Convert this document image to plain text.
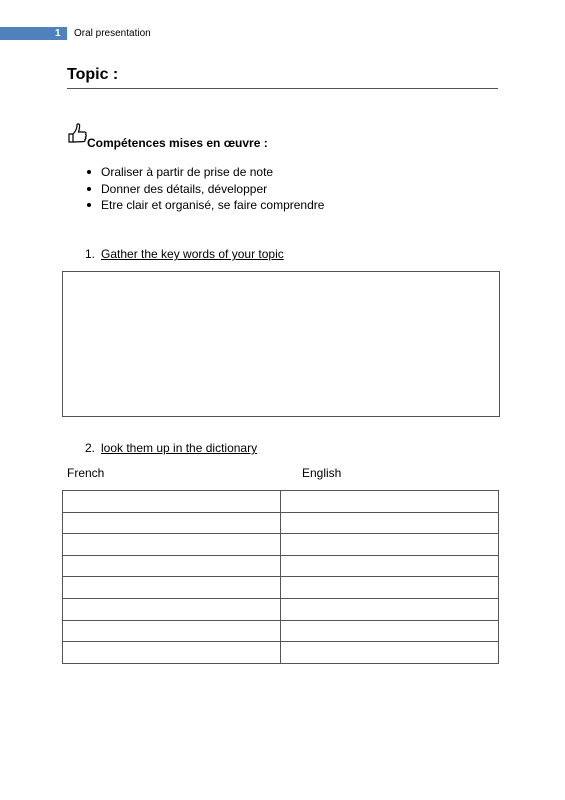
1 Oral presentation
Topic :
Compétences mises en œuvre :
Oraliser à partir de prise de note
Donner des détails, développer
Etre clair et organisé, se faire comprendre
1. Gather the key words of your topic
2. look them up in the dictionary
French	English
